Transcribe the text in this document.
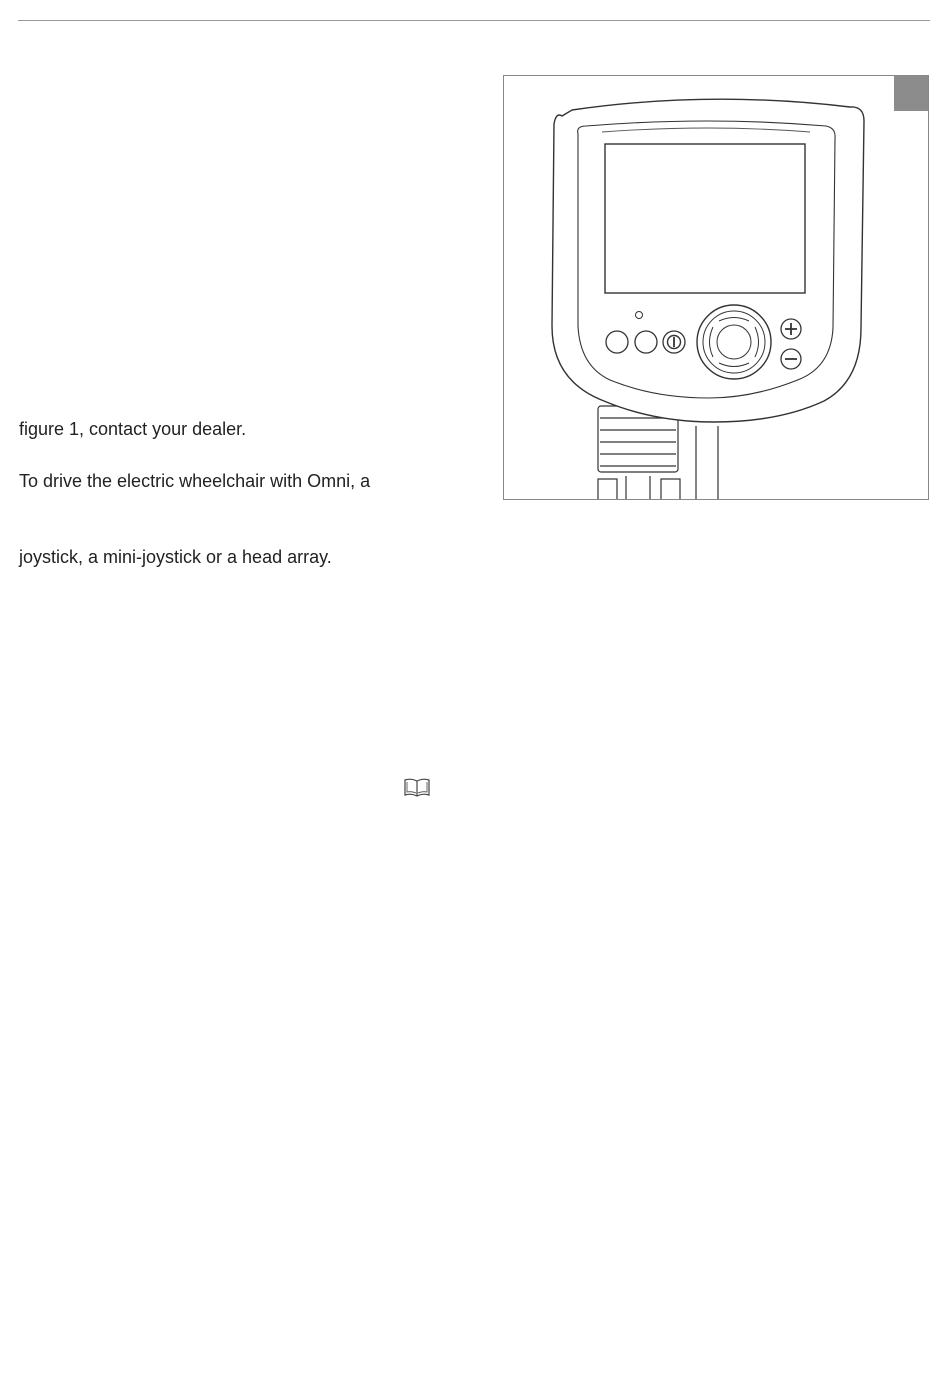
figure 1, contact your dealer.
To drive the electric wheelchair with Omni, a
joystick, a mini-joystick or a head array.
